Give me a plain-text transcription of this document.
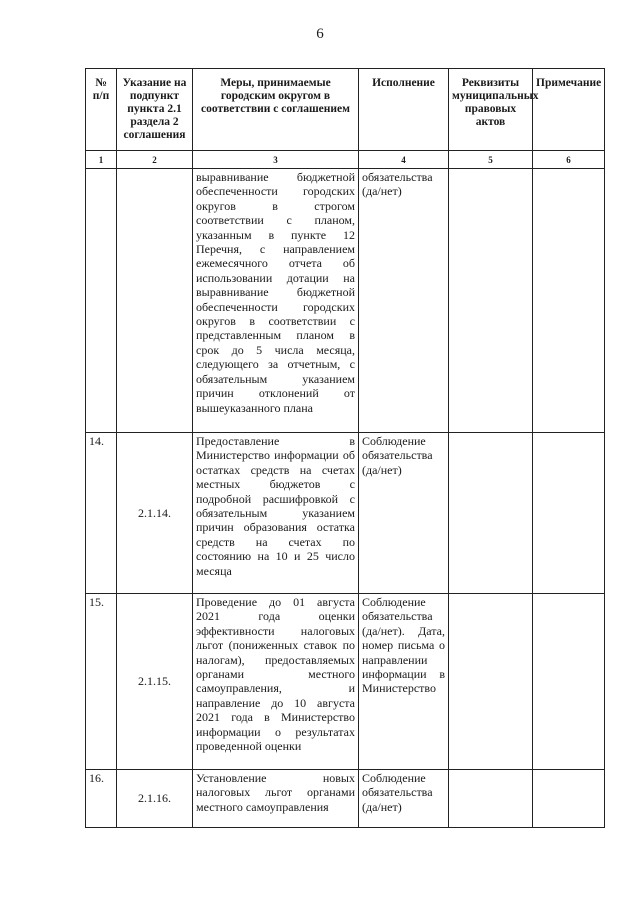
6
№ п/п	Указание на подпункт пункта 2.1 раздела 2 соглашения	Меры, принимаемые городским округом в соответствии с соглашением	Исполнение	Реквизиты муниципальных правовых актов	Примечание
1	2	3	4	5	6
		выравнивание бюджетной обеспеченности городских округов в строгом соответствии с планом, указанным в пункте 12 Перечня, с направлением ежемесячного отчета об использовании дотации на выравнивание бюджетной обеспеченности городских округов в соответствии с представленным планом в срок до 5 числа месяца, следующего за отчетным, с обязательным указанием причин отклонений от вышеуказанного плана	обязательства (да/нет)		
14.	2.1.14.	Предоставление в Министерство информации об остатках средств на счетах местных бюджетов с подробной расшифровкой с обязательным указанием причин образования остатка средств на счетах по состоянию на 10 и 25 число месяца	Соблюдение обязательства (да/нет)		
15.	2.1.15.	Проведение до 01 августа 2021 года оценки эффективности налоговых льгот (пониженных ставок по налогам), предоставляемых органами местного самоуправления, и направление до 10 августа 2021 года в Министерство информации о результатах проведенной оценки	Соблюдение обязательства (да/нет). Дата, номер письма о направлении информации в Министерство		
16.	2.1.16.	Установление новых налоговых льгот органами местного самоуправления	Соблюдение обязательства (да/нет)		
